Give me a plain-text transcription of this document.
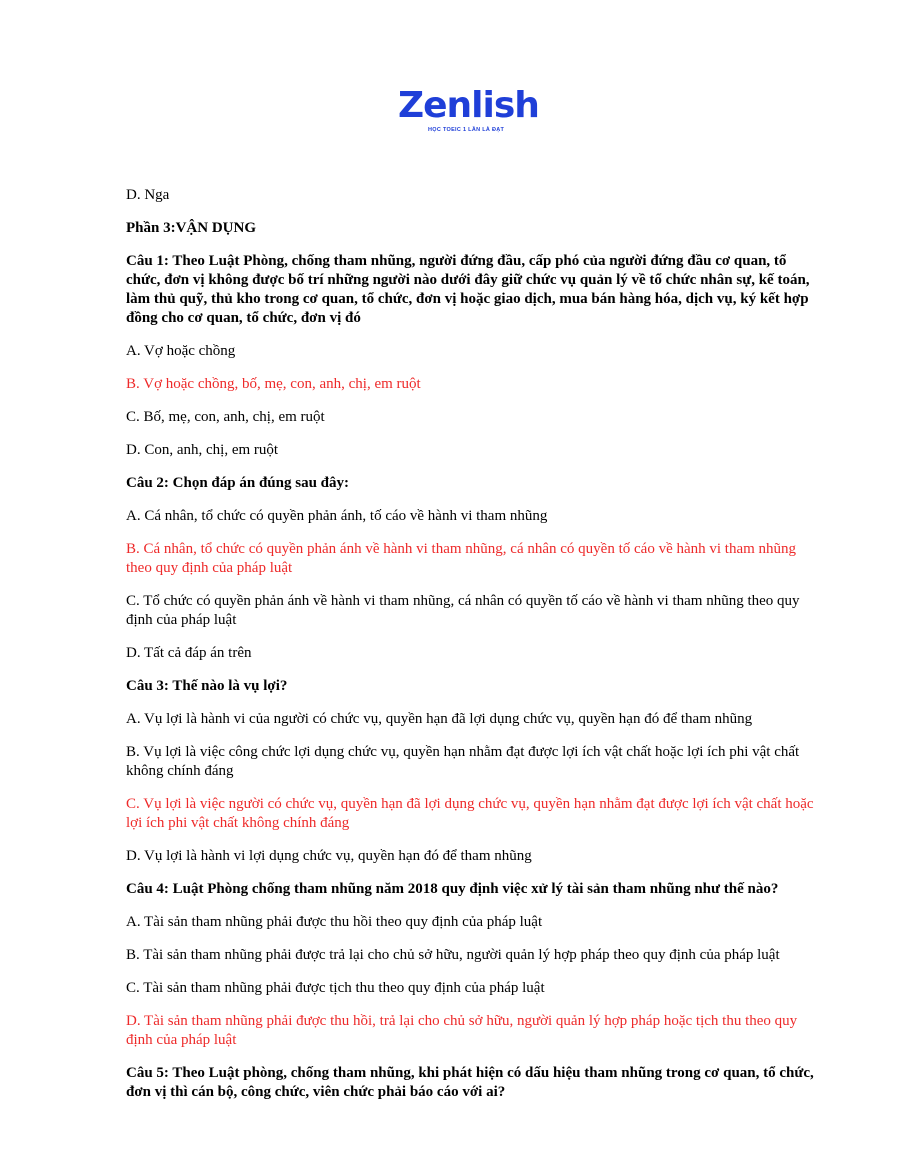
Zenlish
HỌC TOEIC 1 LẦN LÀ ĐẠT

D. Nga

Phần 3:VẬN DỤNG

Câu 1: Theo Luật Phòng, chống tham nhũng, người đứng đầu, cấp phó của người đứng đầu cơ quan, tổ chức, đơn vị không được bố trí những người nào dưới đây giữ chức vụ quản lý về tổ chức nhân sự, kế toán, làm thủ quỹ, thủ kho trong cơ quan, tổ chức, đơn vị hoặc giao dịch, mua bán hàng hóa, dịch vụ, ký kết hợp đồng cho cơ quan, tổ chức, đơn vị đó

A. Vợ hoặc chồng

B. Vợ hoặc chồng, bố, mẹ, con, anh, chị, em ruột

C. Bố, mẹ, con, anh, chị, em ruột

D. Con, anh, chị, em ruột

Câu 2: Chọn đáp án đúng sau đây:

A. Cá nhân, tổ chức có quyền phản ánh, tố cáo về hành vi tham nhũng

B. Cá nhân, tổ chức có quyền phản ánh về hành vi tham nhũng, cá nhân có quyền tố cáo về hành vi tham nhũng theo quy định của pháp luật

C. Tổ chức có quyền phản ánh về hành vi tham nhũng, cá nhân có quyền tố cáo về hành vi tham nhũng theo quy định của pháp luật

D. Tất cả đáp án trên

Câu 3: Thế nào là vụ lợi?

A. Vụ lợi là hành vi của người có chức vụ, quyền hạn đã lợi dụng chức vụ, quyền hạn đó để tham nhũng

B. Vụ lợi là việc công chức lợi dụng chức vụ, quyền hạn nhằm đạt được lợi ích vật chất hoặc lợi ích phi vật chất không chính đáng

C. Vụ lợi là việc người có chức vụ, quyền hạn đã lợi dụng chức vụ, quyền hạn nhằm đạt được lợi ích vật chất hoặc lợi ích phi vật chất không chính đáng

D. Vụ lợi là hành vi lợi dụng chức vụ, quyền hạn đó để tham nhũng

Câu 4: Luật Phòng chống tham nhũng năm 2018 quy định việc xử lý tài sản tham nhũng như thế nào?

A. Tài sản tham nhũng phải được thu hồi theo quy định của pháp luật

B. Tài sản tham nhũng phải được trả lại cho chủ sở hữu, người quản lý hợp pháp theo quy định của pháp luật

C. Tài sản tham nhũng phải được tịch thu theo quy định của pháp luật

D. Tài sản tham nhũng phải được thu hồi, trả lại cho chủ sở hữu, người quản lý hợp pháp hoặc tịch thu theo quy định của pháp luật

Câu 5: Theo Luật phòng, chống tham nhũng, khi phát hiện có dấu hiệu tham nhũng trong cơ quan, tổ chức, đơn vị thì cán bộ, công chức, viên chức phải báo cáo với ai?
